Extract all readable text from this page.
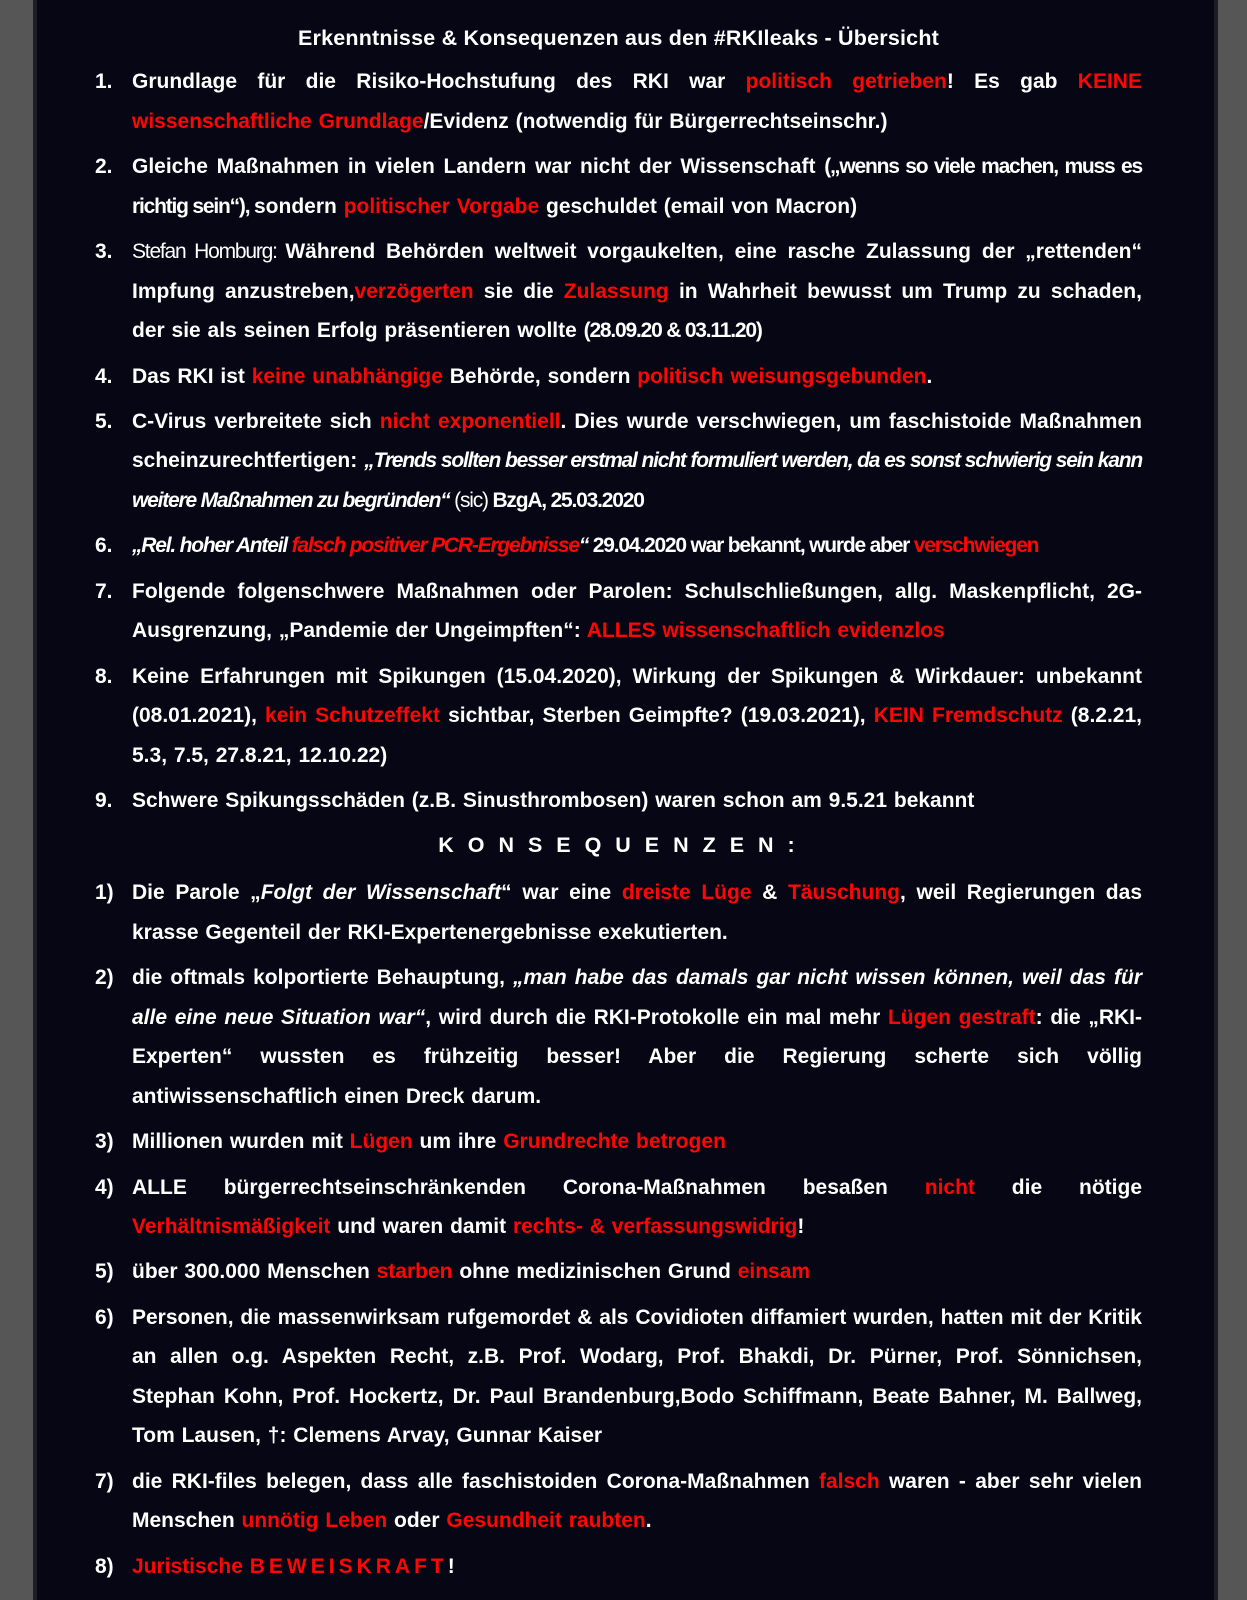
Erkenntnisse & Konsequenzen aus den #RKIleaks - Übersicht
1. Grundlage für die Risiko-Hochstufung des RKI war politisch getrieben! Es gab KEINE wissenschaftliche Grundlage/Evidenz (notwendig für Bürgerrechtseinschr.)
2. Gleiche Maßnahmen in vielen Landern war nicht der Wissenschaft („wenns so viele machen, muss es richtig sein“), sondern politischer Vorgabe geschuldet (email von Macron)
3. Stefan Homburg: Während Behörden weltweit vorgaukelten, eine rasche Zulassung der „rettenden“ Impfung anzustreben,verzögerten sie die Zulassung in Wahrheit bewusst um Trump zu schaden, der sie als seinen Erfolg präsentieren wollte (28.09.20 & 03.11.20)
4. Das RKI ist keine unabhängige Behörde, sondern politisch weisungsgebunden.
5. C-Virus verbreitete sich nicht exponentiell. Dies wurde verschwiegen, um faschistoide Maßnahmen scheinzurechtfertigen: „Trends sollten besser erstmal nicht formuliert werden, da es sonst schwierig sein kann weitere Maßnahmen zu begründen“ (sic) BzgA, 25.03.2020
6. „Rel. hoher Anteil falsch positiver PCR-Ergebnisse“ 29.04.2020 war bekannt, wurde aber verschwiegen
7. Folgende folgenschwere Maßnahmen oder Parolen: Schulschließungen, allg. Maskenpflicht, 2G-Ausgrenzung, „Pandemie der Ungeimpften“: ALLES wissenschaftlich evidenzlos
8. Keine Erfahrungen mit Spikungen (15.04.2020), Wirkung der Spikungen & Wirkdauer: unbekannt (08.01.2021), kein Schutzeffekt sichtbar, Sterben Geimpfte? (19.03.2021), KEIN Fremdschutz (8.2.21, 5.3, 7.5, 27.8.21, 12.10.22)
9. Schwere Spikungsschäden (z.B. Sinusthrombosen) waren schon am 9.5.21 bekannt
K O N S E Q U E N Z E N :
1) Die Parole „Folgt der Wissenschaft“ war eine dreiste Lüge & Täuschung, weil Regierungen das krasse Gegenteil der RKI-Expertenergebnisse exekutierten.
2) die oftmals kolportierte Behauptung, „man habe das damals gar nicht wissen können, weil das für alle eine neue Situation war“, wird durch die RKI-Protokolle ein mal mehr Lügen gestraft: die „RKI-Experten“ wussten es frühzeitig besser! Aber die Regierung scherte sich völlig antiwissenschaftlich einen Dreck darum.
3) Millionen wurden mit Lügen um ihre Grundrechte betrogen
4) ALLE bürgerrechtseinschränkenden Corona-Maßnahmen besaßen nicht die nötige Verhältnismäßigkeit und waren damit rechts- & verfassungswidrig!
5) über 300.000 Menschen starben ohne medizinischen Grund einsam
6) Personen, die massenwirksam rufgemordet & als Covidioten diffamiert wurden, hatten mit der Kritik an allen o.g. Aspekten Recht, z.B. Prof. Wodarg, Prof. Bhakdi, Dr. Pürner, Prof. Sönnichsen, Stephan Kohn, Prof. Hockertz, Dr. Paul Brandenburg,Bodo Schiffmann, Beate Bahner, M. Ballweg, Tom Lausen, †: Clemens Arvay, Gunnar Kaiser
7) die RKI-files belegen, dass alle faschistoiden Corona-Maßnahmen falsch waren - aber sehr vielen Menschen unnötig Leben oder Gesundheit raubten.
8) Juristische BEWEISKRAFT!
